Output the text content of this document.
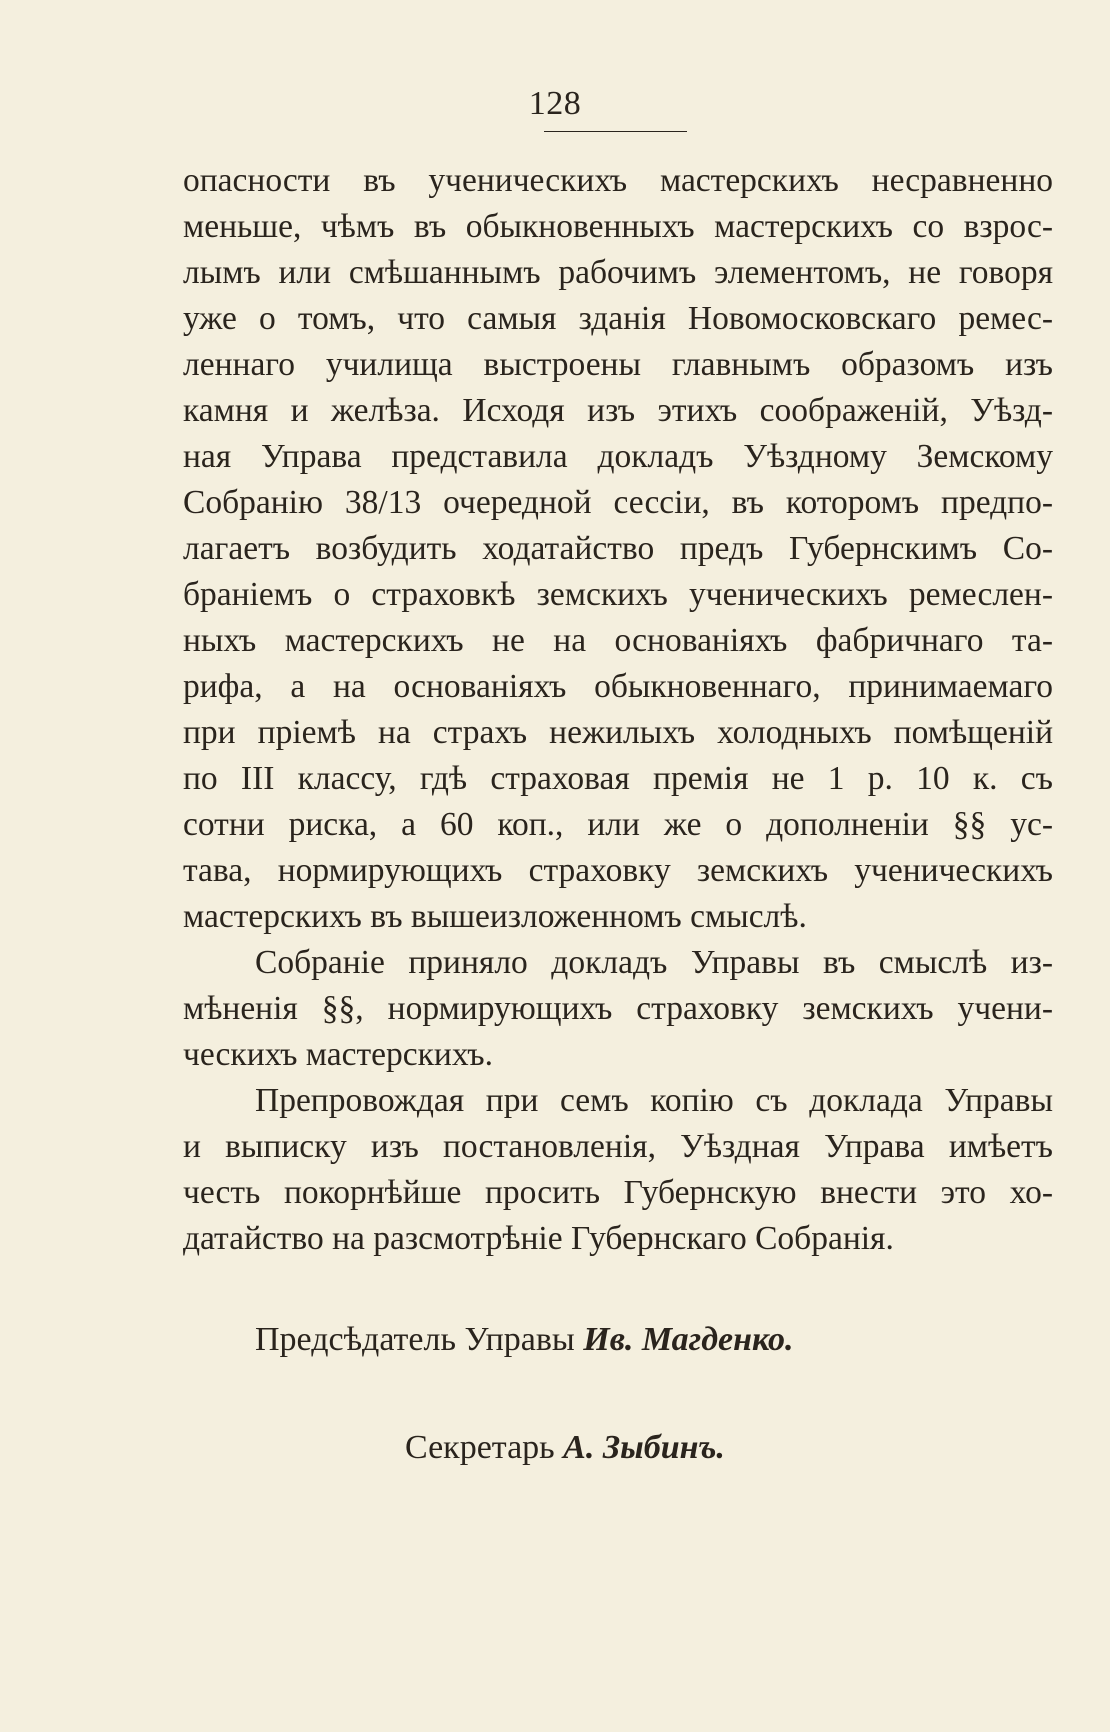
128
опасности въ ученическихъ мастерскихъ несравненно
меньше, чѣмъ въ обыкновенныхъ мастерскихъ со взрос-
лымъ или смѣшаннымъ рабочимъ элементомъ, не говоря
уже о томъ, что самыя зданія Новомосковскаго ремес-
леннаго училища выстроены главнымъ образомъ изъ
камня и желѣза. Исходя изъ этихъ соображеній, Уѣзд-
ная Управа представила докладъ Уѣздному Земскому
Собранію 38/13 очередной сессіи, въ которомъ предпо-
лагаетъ возбудить ходатайство предъ Губернскимъ Со-
браніемъ о страховкѣ земскихъ ученическихъ ремеслен-
ныхъ мастерскихъ не на основаніяхъ фабричнаго та-
рифа, а на основаніяхъ обыкновеннаго, принимаемаго
при пріемѣ на страхъ нежилыхъ холодныхъ помѣщеній
по III классу, гдѣ страховая премія не 1 р. 10 к. съ
сотни риска, а 60 коп., или же о дополненіи §§ ус-
тава, нормирующихъ страховку земскихъ ученическихъ
мастерскихъ въ вышеизложенномъ смыслѣ.
Собраніе приняло докладъ Управы въ смыслѣ из-
мѣненія §§, нормирующихъ страховку земскихъ учени-
ческихъ мастерскихъ.
Препровождая при семъ копію съ доклада Управы
и выписку изъ постановленія, Уѣздная Управа имѣетъ
честь покорнѣйше просить Губернскую внести это хо-
датайство на разсмотрѣніе Губернскаго Собранія.
Предсѣдатель Управы Ив. Магденко.
Секретарь А. Зыбинъ.
